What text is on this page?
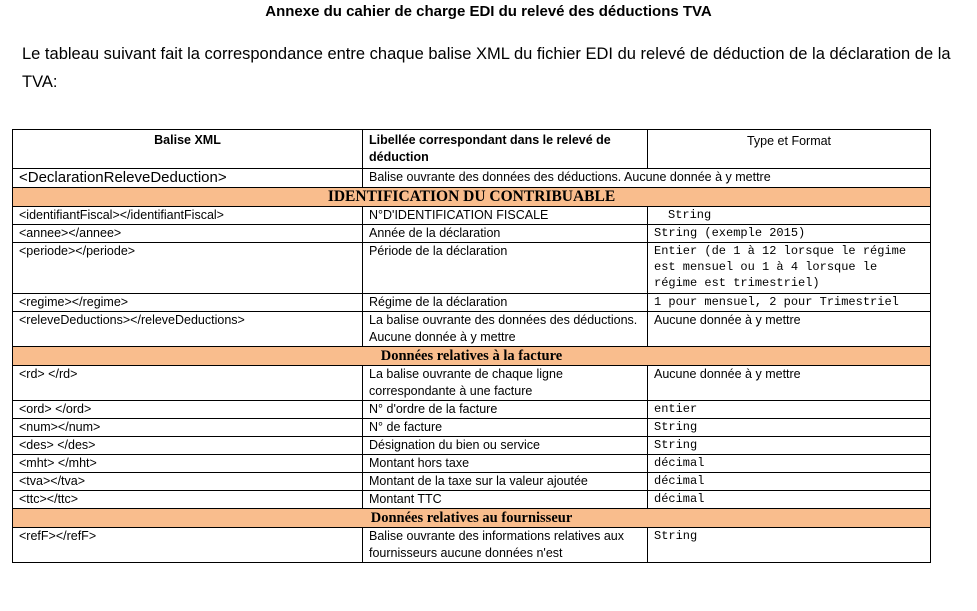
Annexe du cahier de charge EDI du relevé des déductions TVA
Le tableau suivant fait la correspondance entre chaque balise XML du fichier EDI du relevé de déduction de la déclaration de la TVA:
Balise XML	Libellée correspondant dans le relevé de déduction	Type et Format
<DeclarationReleveDeduction>	Balise ouvrante des données des déductions. Aucune donnée à y mettre	
IDENTIFICATION DU CONTRIBUABLE		
<identifiantFiscal></identifiantFiscal>	N°D'IDENTIFICATION FISCALE	String
<annee></annee>	Année de la déclaration	String (exemple 2015)
<periode></periode>	Période de la déclaration	Entier (de 1 à 12 lorsque le régime est mensuel ou 1 à 4 lorsque le régime est trimestriel)
<regime></regime>	Régime de la déclaration	1 pour mensuel, 2 pour Trimestriel
<releveDeductions></releveDeductions>	La balise ouvrante des données des déductions. Aucune donnée à y mettre	Aucune donnée à y mettre
Données relatives à la facture		
<rd> </rd>	La balise ouvrante de chaque ligne correspondante à une facture	Aucune donnée à y mettre
<ord> </ord>	N° d'ordre de la facture	entier
<num></num>	N° de facture	String
<des> </des>	Désignation du bien ou service	String
<mht> </mht>	Montant hors taxe	décimal
<tva></tva>	Montant de la taxe sur la valeur ajoutée	décimal
<ttc></ttc>	Montant TTC	décimal
Données relatives au fournisseur		
<refF></refF>	Balise ouvrante des informations relatives aux fournisseurs aucune données n'est	String
